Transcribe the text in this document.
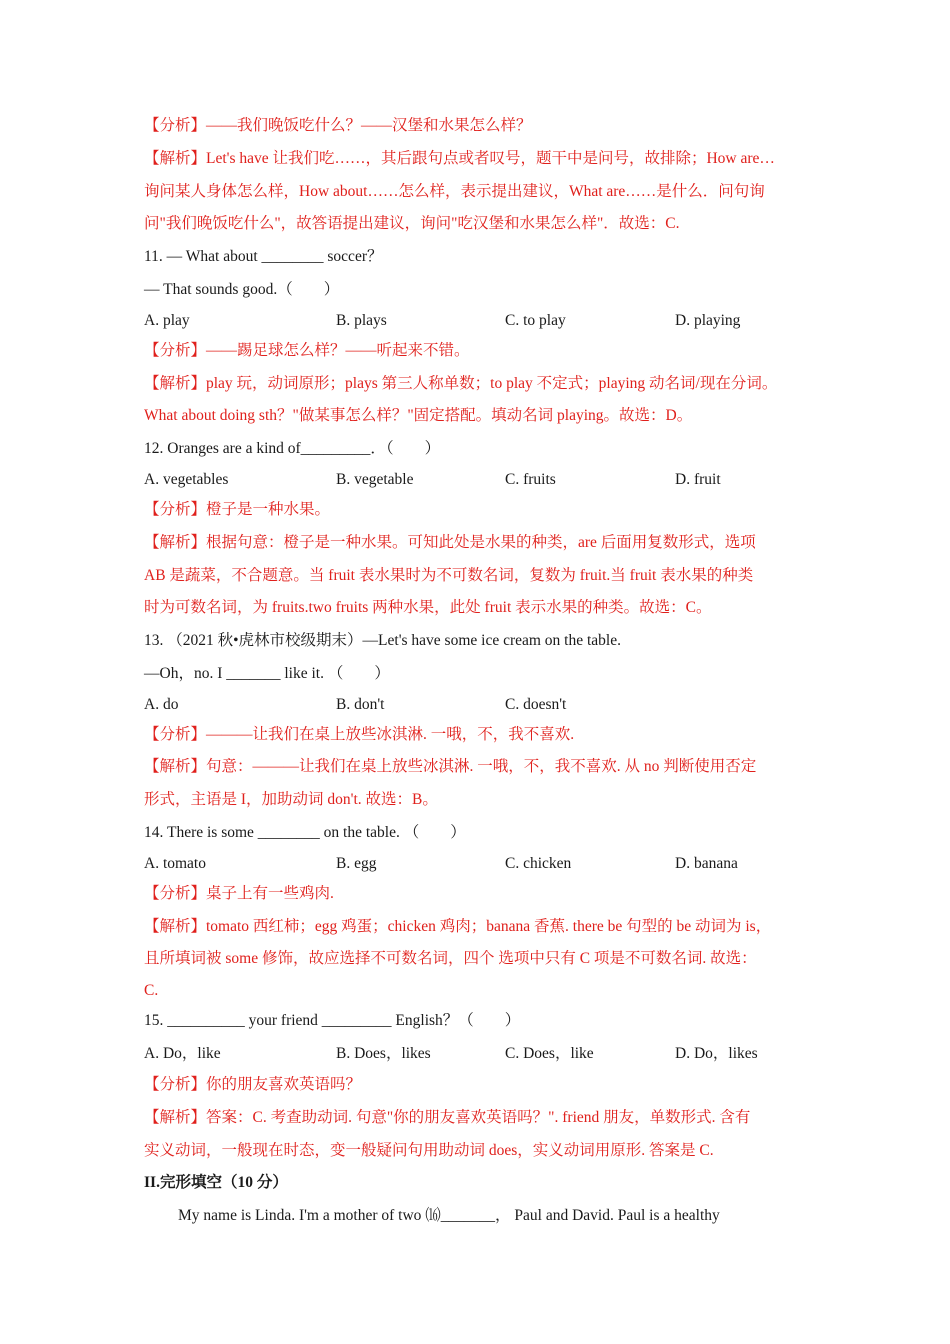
【分析】——我们晚饭吃什么？——汉堡和水果怎么样？
【解析】Let's have 让我们吃……，其后跟句点或者叹号，题干中是问号，故排除；How are…
询问某人身体怎么样，How about……怎么样，表示提出建议，What are……是什么．问句询
问"我们晚饭吃什么"，故答语提出建议，询问"吃汉堡和水果怎么样"．故选：C.
11. — What about ________ soccer？
— That sounds good.（　　）
A. play	B. plays	C. to play	D. playing
【分析】——踢足球怎么样？——听起来不错。
【解析】play 玩，动词原形；plays 第三人称单数；to play 不定式；playing 动名词/现在分词。
What about doing sth？"做某事怎么样？"固定搭配。填动名词 playing。故选：D。
12. Oranges are a kind of_________．（　　）
A. vegetables	B. vegetable	C. fruits	D. fruit
【分析】橙子是一种水果。
【解析】根据句意：橙子是一种水果。可知此处是水果的种类，are 后面用复数形式，选项
AB 是蔬菜，不合题意。当 fruit 表水果时为不可数名词，复数为 fruit.当 fruit 表水果的种类
时为可数名词，为 fruits.two fruits 两种水果，此处 fruit 表示水果的种类。故选：C。
13. （2021 秋•虎林市校级期末）—Let's have some ice cream on the table.
—Oh，no. I _______ like it. （　　）
A. do	B. don't	C. doesn't
【分析】———让我们在桌上放些冰淇淋. 一哦，不，我不喜欢.
【解析】句意：———让我们在桌上放些冰淇淋. 一哦，不，我不喜欢. 从 no 判断使用否定
形式，主语是 I，加助动词 don't. 故选：B。
14. There is some ________ on the table. （　　）
A. tomato	B. egg	C. chicken	D. banana
【分析】桌子上有一些鸡肉.
【解析】tomato 西红柿；egg 鸡蛋；chicken 鸡肉；banana 香蕉. there be 句型的 be 动词为 is，
且所填词被 some 修饰，故应选择不可数名词，四个 选项中只有 C 项是不可数名词. 故选：
C.
15. __________ your friend _________ English？（　　）
A. Do，like	B. Does，likes	C. Does，like	D. Do，likes
【分析】你的朋友喜欢英语吗？
【解析】答案：C. 考查助动词. 句意"你的朋友喜欢英语吗？". friend 朋友，单数形式. 含有
实义动词，一般现在时态，变一般疑问句用助动词 does，实义动词用原形. 答案是 C.
II.完形填空（10 分）
My name is Linda. I'm a mother of two ⒃_______， Paul and David. Paul is a healthy
